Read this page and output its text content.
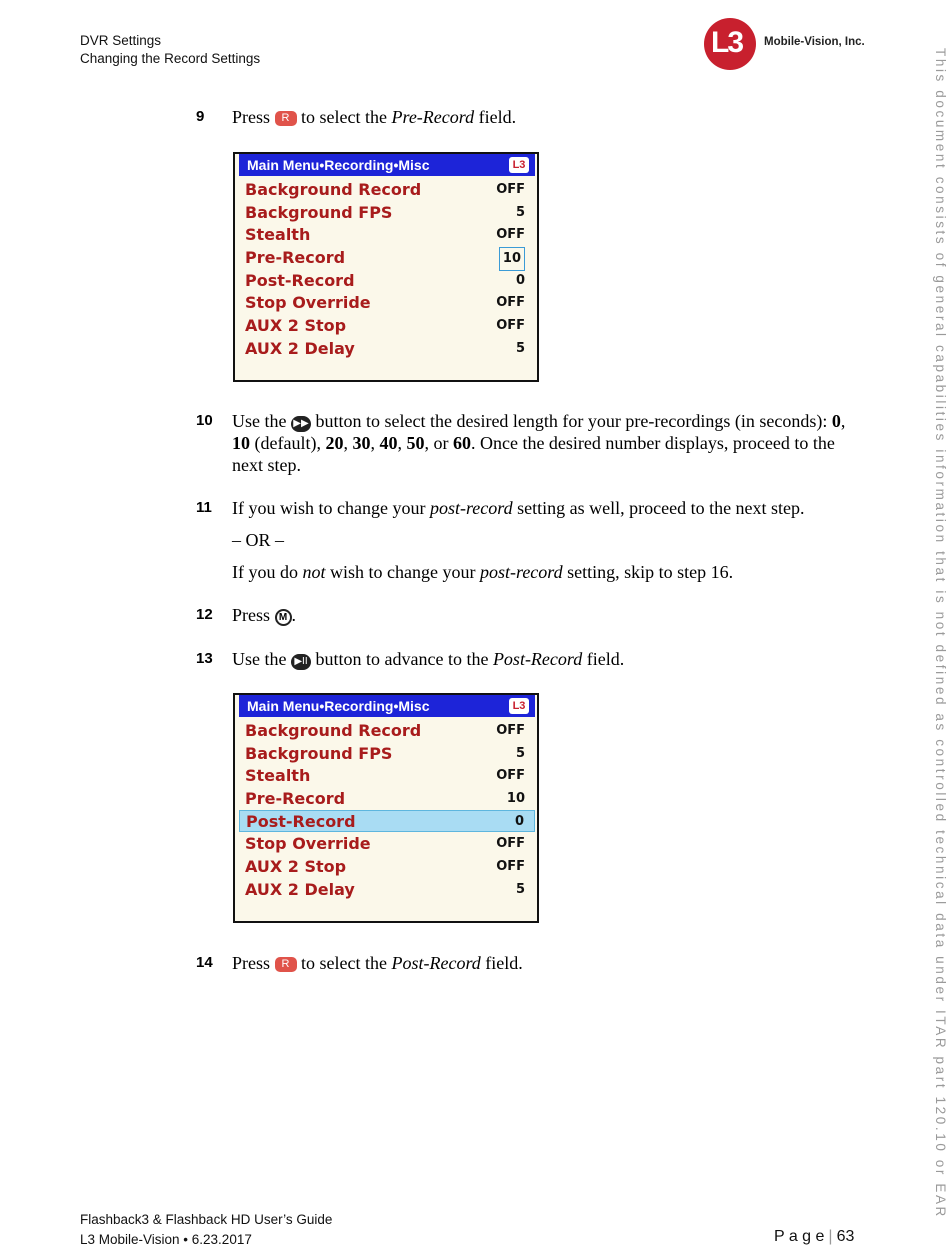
DVR Settings
Changing the Record Settings	L3 Mobile-Vision, Inc.
This document consists of general capabilities information that is not defined as controlled technical data under ITAR part 120.10 or EAR
9 Press R to select the Pre-Record field.
Main Menu•Recording•Misc	L3
Background Record	OFF
Background FPS	5
Stealth	OFF
Pre-Record	10
Post-Record	0
Stop Override	OFF
AUX 2 Stop	OFF
AUX 2 Delay	5
10 Use the ▶▶ button to select the desired length for your pre-recordings (in seconds): 0, 10 (default), 20, 30, 40, 50, or 60. Once the desired number displays, proceed to the next step.
11 If you wish to change your post-record setting as well, proceed to the next step.
– OR –
If you do not wish to change your post-record setting, skip to step 16.
12 Press M .
13 Use the ▶II button to advance to the Post-Record field.
Main Menu•Recording•Misc	L3
Background Record	OFF
Background FPS	5
Stealth	OFF
Pre-Record	10
Post-Record	0
Stop Override	OFF
AUX 2 Stop	OFF
AUX 2 Delay	5
14 Press R to select the Post-Record field.
Flashback3 & Flashback HD User’s Guide
L3 Mobile-Vision • 6.23.2017	P a g e | 63
